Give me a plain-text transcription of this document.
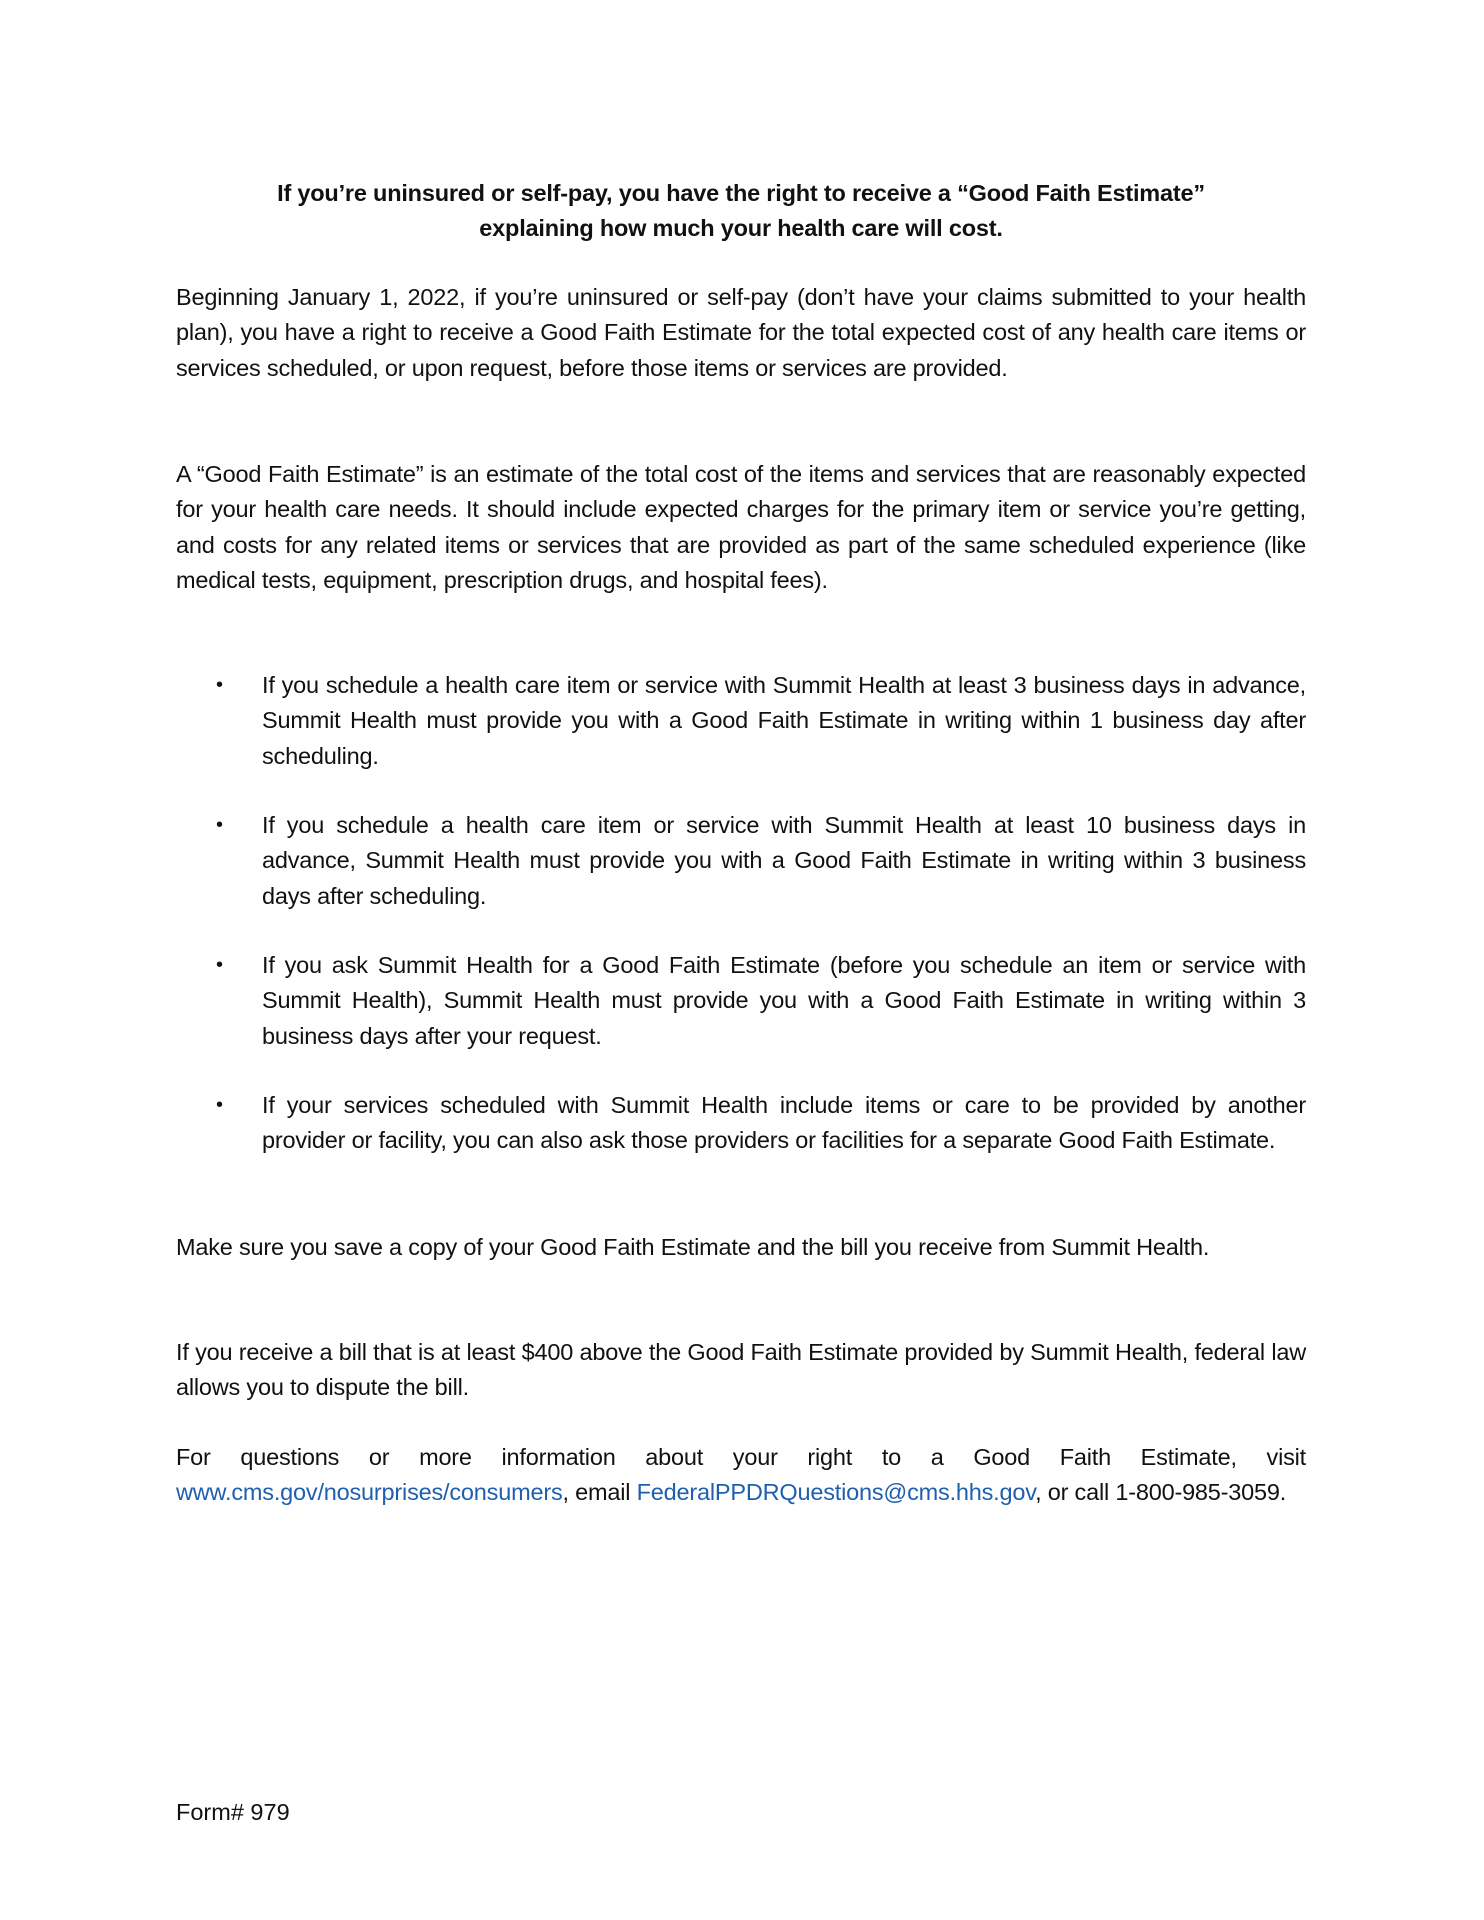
If you’re uninsured or self-pay, you have the right to receive a “Good Faith Estimate”
explaining how much your health care will cost.

Beginning January 1, 2022, if you’re uninsured or self-pay (don’t have your claims submitted to your health plan), you have a right to receive a Good Faith Estimate for the total expected cost of any health care items or services scheduled, or upon request, before those items or services are provided.

A “Good Faith Estimate” is an estimate of the total cost of the items and services that are reasonably expected for your health care needs. It should include expected charges for the primary item or service you’re getting, and costs for any related items or services that are provided as part of the same scheduled experience (like medical tests, equipment, prescription drugs, and hospital fees).

• If you schedule a health care item or service with Summit Health at least 3 business days in advance, Summit Health must provide you with a Good Faith Estimate in writing within 1 business day after scheduling.
• If you schedule a health care item or service with Summit Health at least 10 business days in advance, Summit Health must provide you with a Good Faith Estimate in writing within 3 business days after scheduling.
• If you ask Summit Health for a Good Faith Estimate (before you schedule an item or service with Summit Health), Summit Health must provide you with a Good Faith Estimate in writing within 3 business days after your request.
• If your services scheduled with Summit Health include items or care to be provided by another provider or facility, you can also ask those providers or facilities for a separate Good Faith Estimate.

Make sure you save a copy of your Good Faith Estimate and the bill you receive from Summit Health.

If you receive a bill that is at least $400 above the Good Faith Estimate provided by Summit Health, federal law allows you to dispute the bill.

For questions or more information about your right to a Good Faith Estimate, visit www.cms.gov/nosurprises/consumers, email FederalPPDRQuestions@cms.hhs.gov, or call 1-800-985-3059.

Form# 979
